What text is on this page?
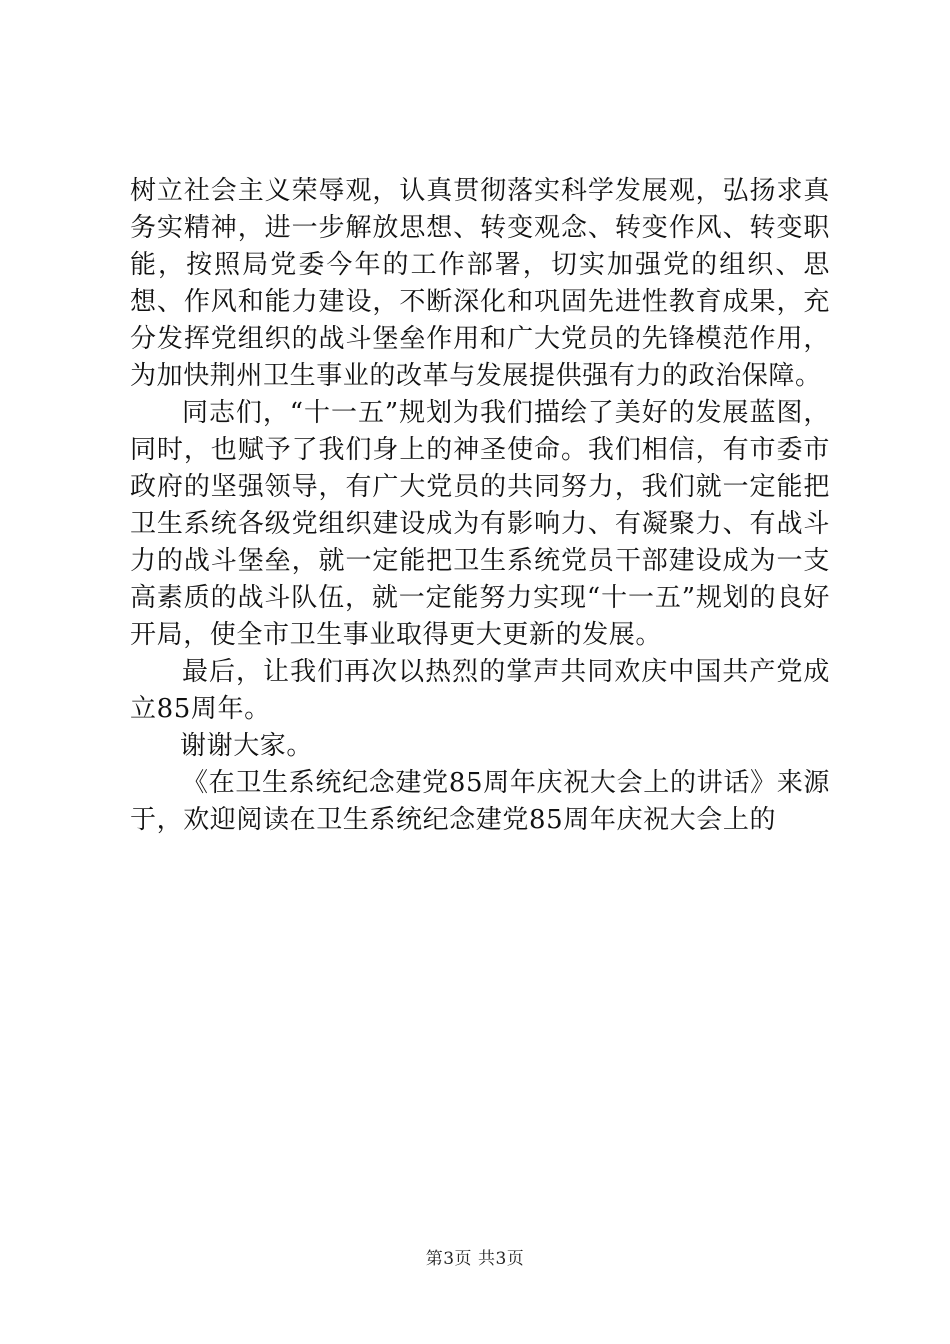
树立社会主义荣辱观，认真贯彻落实科学发展观，弘扬求真务实精神，进一步解放思想、转变观念、转变作风、转变职能，按照局党委今年的工作部署，切实加强党的组织、思想、作风和能力建设，不断深化和巩固先进性教育成果，充分发挥党组织的战斗堡垒作用和广大党员的先锋模范作用，为加快荆州卫生事业的改革与发展提供强有力的政治保障。

同志们，“十一五”规划为我们描绘了美好的发展蓝图，同时，也赋予了我们身上的神圣使命。我们相信，有市委市政府的坚强领导，有广大党员的共同努力，我们就一定能把卫生系统各级党组织建设成为有影响力、有凝聚力、有战斗力的战斗堡垒，就一定能把卫生系统党员干部建设成为一支高素质的战斗队伍，就一定能努力实现“十一五”规划的良好开局，使全市卫生事业取得更大更新的发展。

最后，让我们再次以热烈的掌声共同欢庆中国共产党成立85周年。

谢谢大家。

《在卫生系统纪念建党85周年庆祝大会上的讲话》来源于，欢迎阅读在卫生系统纪念建党85周年庆祝大会上的

第3页 共3页
